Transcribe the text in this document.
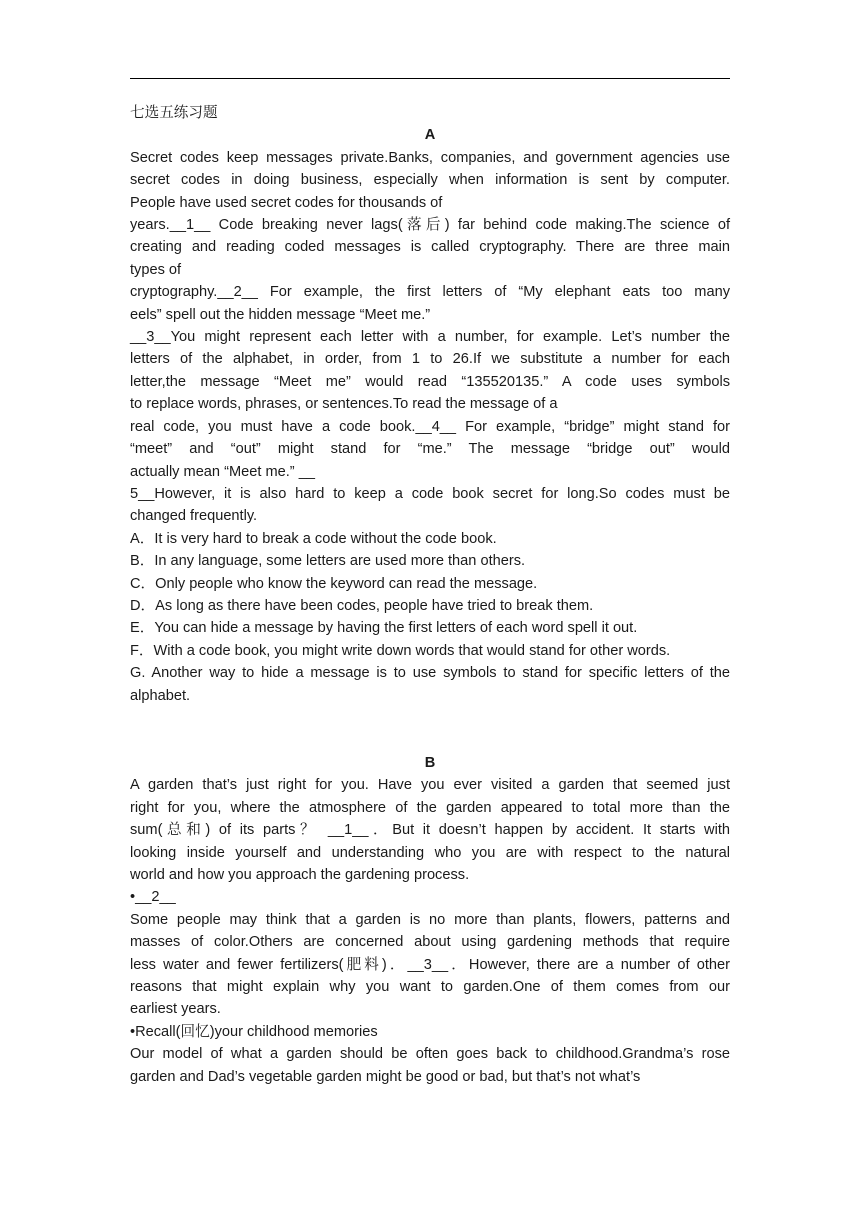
七选五练习题

A

Secret codes keep messages private.Banks, companies, and government agencies use

secret codes in doing business, especially when information is sent by computer.

People have used secret codes for thousands of

years.__1__ Code breaking never lags(落后) far behind code making.The science of

creating and reading coded messages is called cryptography. There are three main

types of

cryptography.__2__ For example, the first letters of “My elephant eats too many

eels” spell out the hidden message “Meet me.”

__3__You might represent each letter with a number, for example. Let’s number the

letters of the alphabet, in order, from 1 to 26.If we substitute a number for each

letter,the message “Meet me” would read “135520135.” A code uses symbols

to replace words, phrases, or sentences.To read the message of a

real code, you must have a code book.__4__ For example, “bridge” might stand for

“meet” and “out” might stand for “me.” The message “bridge out” would

actually mean “Meet me.” __

5__However, it is also hard to keep a code book secret for long.So codes must be

changed frequently.

A．It is very hard to break a code without the code book.

B．In any language, some letters are used more than others.

C．Only people who know the keyword can read the message.

D．As long as there have been codes, people have tried to break them.

E．You can hide a message by having the first letters of each word spell it out.

F．With a code book, you might write down words that would stand for other words.

G. Another way to hide a message is to use symbols to stand for specific letters of the

alphabet.

B

A garden that’s just right for you. Have you ever visited a garden that seemed just

right for you, where the atmosphere of the garden appeared to total more than the

sum(总和) of its parts？ __1__．But it doesn’t happen by accident. It starts with

looking inside yourself and understanding who you are with respect to the natural

world and how you approach the gardening process.

•__2__

Some people may think that a garden is no more than plants, flowers, patterns and

masses of color.Others are concerned about using gardening methods that require

less water and fewer fertilizers(肥料)．__3__．However, there are a number of other

reasons that might explain why you want to garden.One of them comes from our

earliest years.

•Recall(回忆)your childhood memories

Our model of what a garden should be often goes back to childhood.Grandma’s rose

garden and Dad’s vegetable garden might be good or bad, but that’s not what’s
